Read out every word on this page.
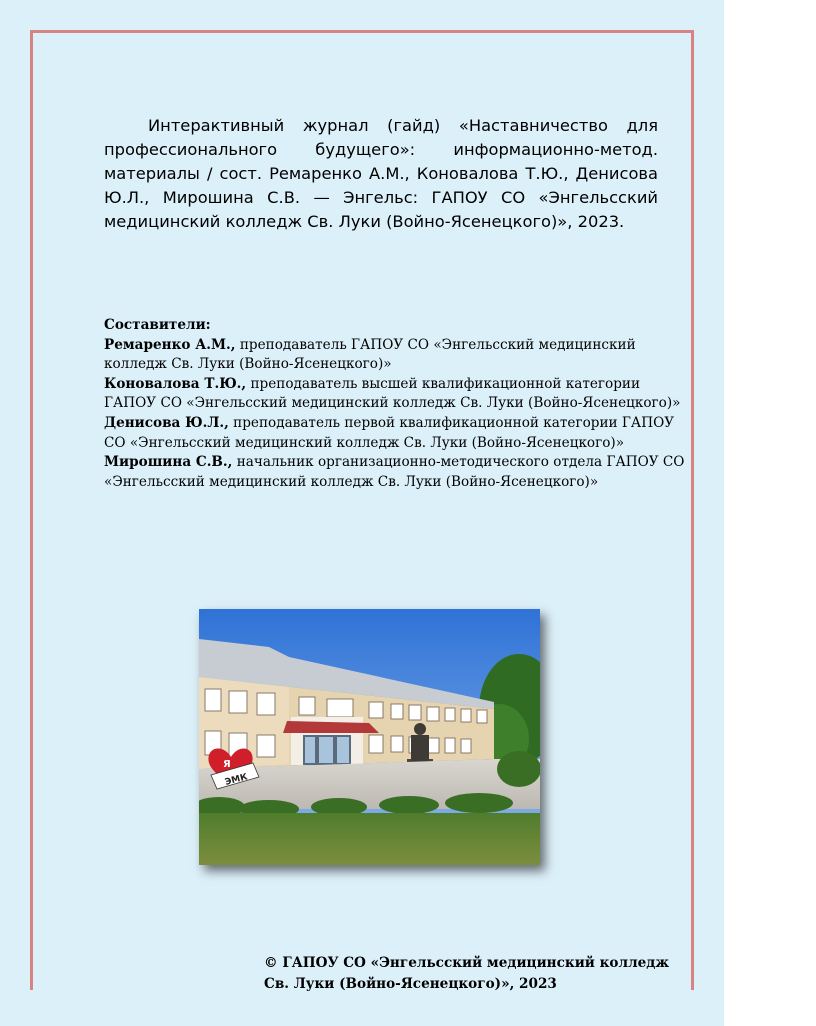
Интерактивный журнал (гайд) «Наставничество для профессионального будущего»: информационно-метод. материалы / сост. Ремаренко А.М., Коновалова Т.Ю., Денисова Ю.Л., Мирошина С.В. — Энгельс: ГАПОУ СО «Энгельсский медицинский колледж Св. Луки (Войно-Ясенецкого)», 2023.

Составители:

Ремаренко А.М., преподаватель ГАПОУ СО «Энгельсский медицинский колледж Св. Луки (Войно-Ясенецкого)»

Коновалова Т.Ю., преподаватель высшей квалификационной категории ГАПОУ СО «Энгельсский медицинский колледж Св. Луки (Войно-Ясенецкого)»

Денисова Ю.Л., преподаватель первой квалификационной категории ГАПОУ СО «Энгельсский медицинский колледж Св. Луки (Войно-Ясенецкого)»

Мирошина С.В., начальник организационно-методического отдела ГАПОУ СО «Энгельсский медицинский колледж Св. Луки (Войно-Ясенецкого)»

Я
ЭМК
© ГАПОУ СО «Энгельсский медицинский колледж
Св. Луки (Войно-Ясенецкого)», 2023
